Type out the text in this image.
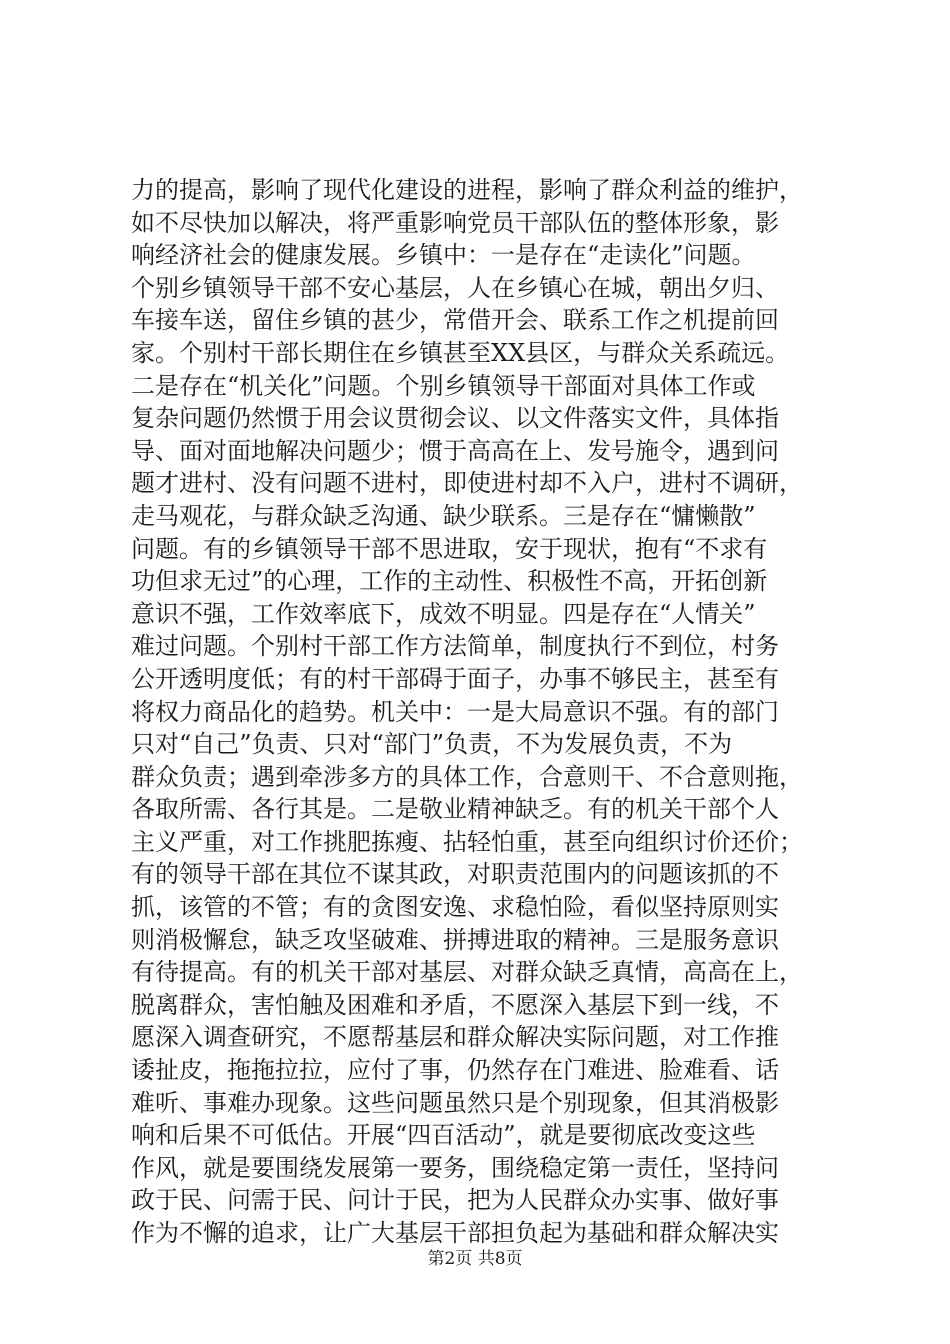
力的提高，影响了现代化建设的进程，影响了群众利益的维护，
如不尽快加以解决，将严重影响党员干部队伍的整体形象，影
响经济社会的健康发展。乡镇中：一是存在“走读化”问题。
个别乡镇领导干部不安心基层，人在乡镇心在城，朝出夕归、
车接车送，留住乡镇的甚少，常借开会、联系工作之机提前回
家。个别村干部长期住在乡镇甚至XX县区，与群众关系疏远。
二是存在“机关化”问题。个别乡镇领导干部面对具体工作或
复杂问题仍然惯于用会议贯彻会议、以文件落实文件，具体指
导、面对面地解决问题少；惯于高高在上、发号施令，遇到问
题才进村、没有问题不进村，即使进村却不入户，进村不调研，
走马观花，与群众缺乏沟通、缺少联系。三是存在“慵懒散”
问题。有的乡镇领导干部不思进取，安于现状，抱有“不求有
功但求无过”的心理，工作的主动性、积极性不高，开拓创新
意识不强，工作效率底下，成效不明显。四是存在“人情关”
难过问题。个别村干部工作方法简单，制度执行不到位，村务
公开透明度低；有的村干部碍于面子，办事不够民主，甚至有
将权力商品化的趋势。机关中：一是大局意识不强。有的部门
只对“自己”负责、只对“部门”负责，不为发展负责，不为
群众负责；遇到牵涉多方的具体工作，合意则干、不合意则拖，
各取所需、各行其是。二是敬业精神缺乏。有的机关干部个人
主义严重，对工作挑肥拣瘦、拈轻怕重，甚至向组织讨价还价；
有的领导干部在其位不谋其政，对职责范围内的问题该抓的不
抓，该管的不管；有的贪图安逸、求稳怕险，看似坚持原则实
则消极懈怠，缺乏攻坚破难、拼搏进取的精神。三是服务意识
有待提高。有的机关干部对基层、对群众缺乏真情，高高在上，
脱离群众，害怕触及困难和矛盾，不愿深入基层下到一线，不
愿深入调查研究，不愿帮基层和群众解决实际问题，对工作推
诿扯皮，拖拖拉拉，应付了事，仍然存在门难进、脸难看、话
难听、事难办现象。这些问题虽然只是个别现象，但其消极影
响和后果不可低估。开展“四百活动”，就是要彻底改变这些
作风，就是要围绕发展第一要务，围绕稳定第一责任，坚持问
政于民、问需于民、问计于民，把为人民群众办实事、做好事
作为不懈的追求，让广大基层干部担负起为基础和群众解决实
第2页 共8页
